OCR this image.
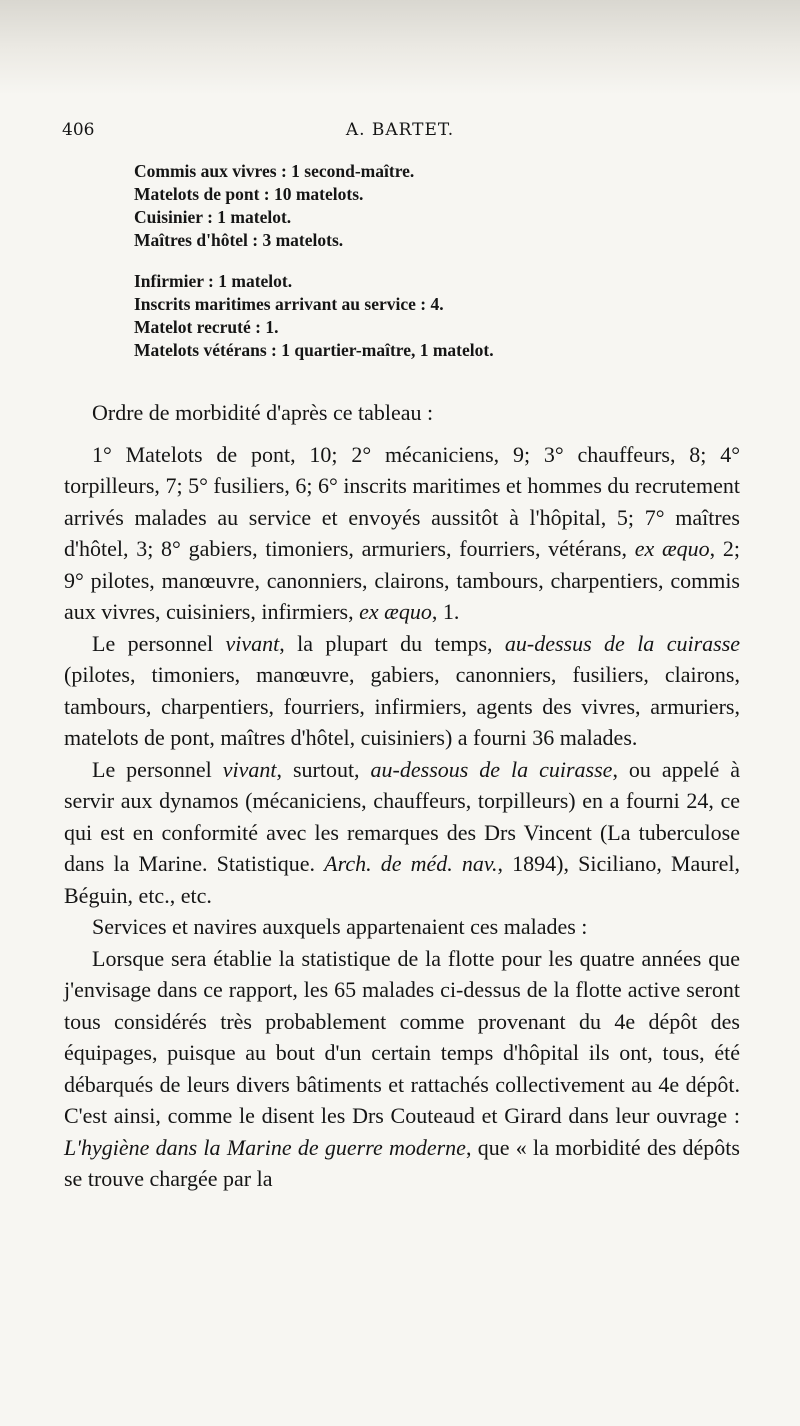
406	A. BARTET.
Commis aux vivres : 1 second-maître.
Matelots de pont : 10 matelots.
Cuisinier : 1 matelot.
Maîtres d'hôtel : 3 matelots.
Infirmier : 1 matelot.
Inscrits maritimes arrivant au service : 4.
Matelot recruté : 1.
Matelots vétérans : 1 quartier-maître, 1 matelot.

Ordre de morbidité d'après ce tableau :

1° Matelots de pont, 10; 2° mécaniciens, 9; 3° chauffeurs, 8; 4° torpilleurs, 7; 5° fusiliers, 6; 6° inscrits maritimes et hommes du recrutement arrivés malades au service et envoyés aussitôt à l'hôpital, 5; 7° maîtres d'hôtel, 3; 8° gabiers, timoniers, armuriers, fourriers, vétérans, ex æquo, 2; 9° pilotes, manœuvre, canonniers, clairons, tambours, charpentiers, commis aux vivres, cuisiniers, infirmiers, ex æquo, 1.

Le personnel vivant, la plupart du temps, au-dessus de la cuirasse (pilotes, timoniers, manœuvre, gabiers, canonniers, fusiliers, clairons, tambours, charpentiers, fourriers, infirmiers, agents des vivres, armuriers, matelots de pont, maîtres d'hôtel, cuisiniers) a fourni 36 malades.

Le personnel vivant, surtout, au-dessous de la cuirasse, ou appelé à servir aux dynamos (mécaniciens, chauffeurs, torpilleurs) en a fourni 24, ce qui est en conformité avec les remarques des Drs Vincent (La tuberculose dans la Marine. Statistique. Arch. de méd. nav., 1894), Siciliano, Maurel, Béguin, etc., etc.

Services et navires auxquels appartenaient ces malades :

Lorsque sera établie la statistique de la flotte pour les quatre années que j'envisage dans ce rapport, les 65 malades ci-dessus de la flotte active seront tous considérés très probablement comme provenant du 4e dépôt des équipages, puisque au bout d'un certain temps d'hôpital ils ont, tous, été débarqués de leurs divers bâtiments et rattachés collectivement au 4e dépôt. C'est ainsi, comme le disent les Drs Couteaud et Girard dans leur ouvrage : L'hygiène dans la Marine de guerre moderne, que « la morbidité des dépôts se trouve chargée par la
